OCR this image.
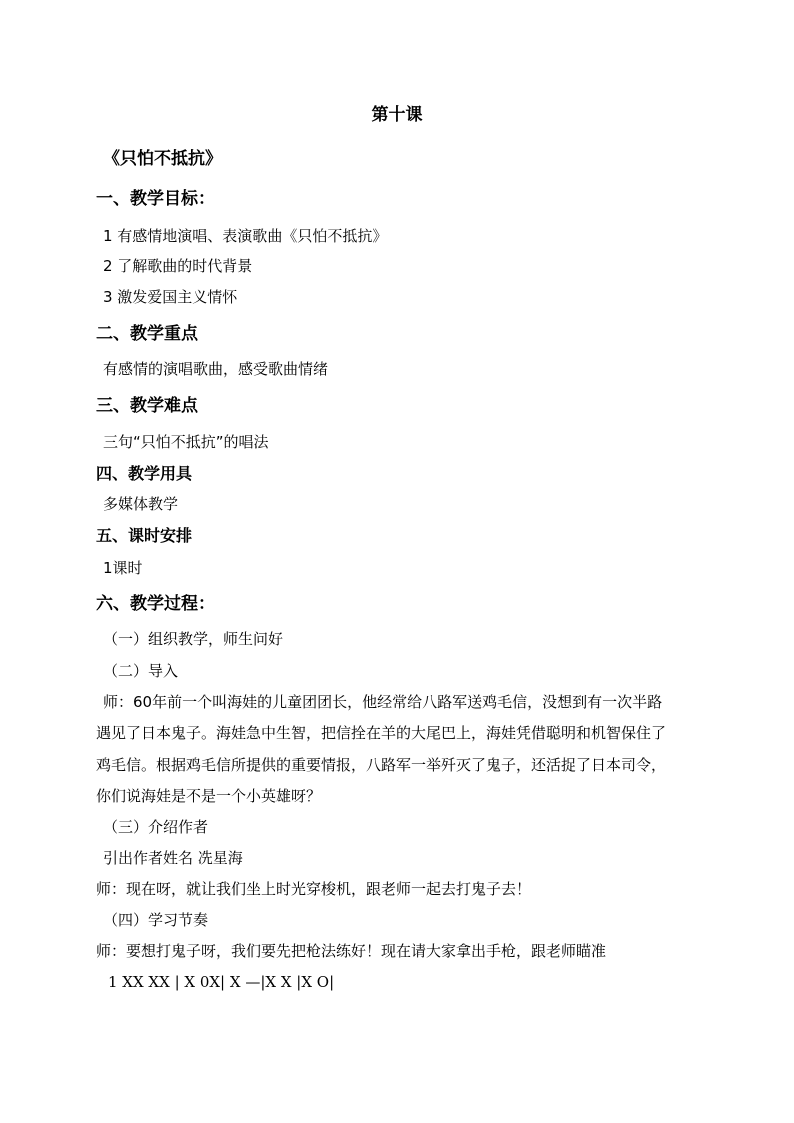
第十课
《只怕不抵抗》
一、教学目标：
1 有感情地演唱、表演歌曲《只怕不抵抗》
2 了解歌曲的时代背景
3 激发爱国主义情怀
二、教学重点
有感情的演唱歌曲，感受歌曲情绪
三、教学难点
三句“只怕不抵抗”的唱法
四、教学用具
多媒体教学
五、课时安排
1课时
六、教学过程：
（一）组织教学，师生问好
（二）导入
师：60年前一个叫海娃的儿童团团长，他经常给八路军送鸡毛信，没想到有一次半路
遇见了日本鬼子。海娃急中生智，把信拴在羊的大尾巴上，海娃凭借聪明和机智保住了
鸡毛信。根据鸡毛信所提供的重要情报，八路军一举歼灭了鬼子，还活捉了日本司令，
你们说海娃是不是一个小英雄呀？
（三）介绍作者
引出作者姓名 冼星海
师：现在呀，就让我们坐上时光穿梭机，跟老师一起去打鬼子去！
（四）学习节奏
师：要想打鬼子呀，我们要先把枪法练好！现在请大家拿出手枪，跟老师瞄准
1 XX XX | X 0X| X —|X X |X O|
